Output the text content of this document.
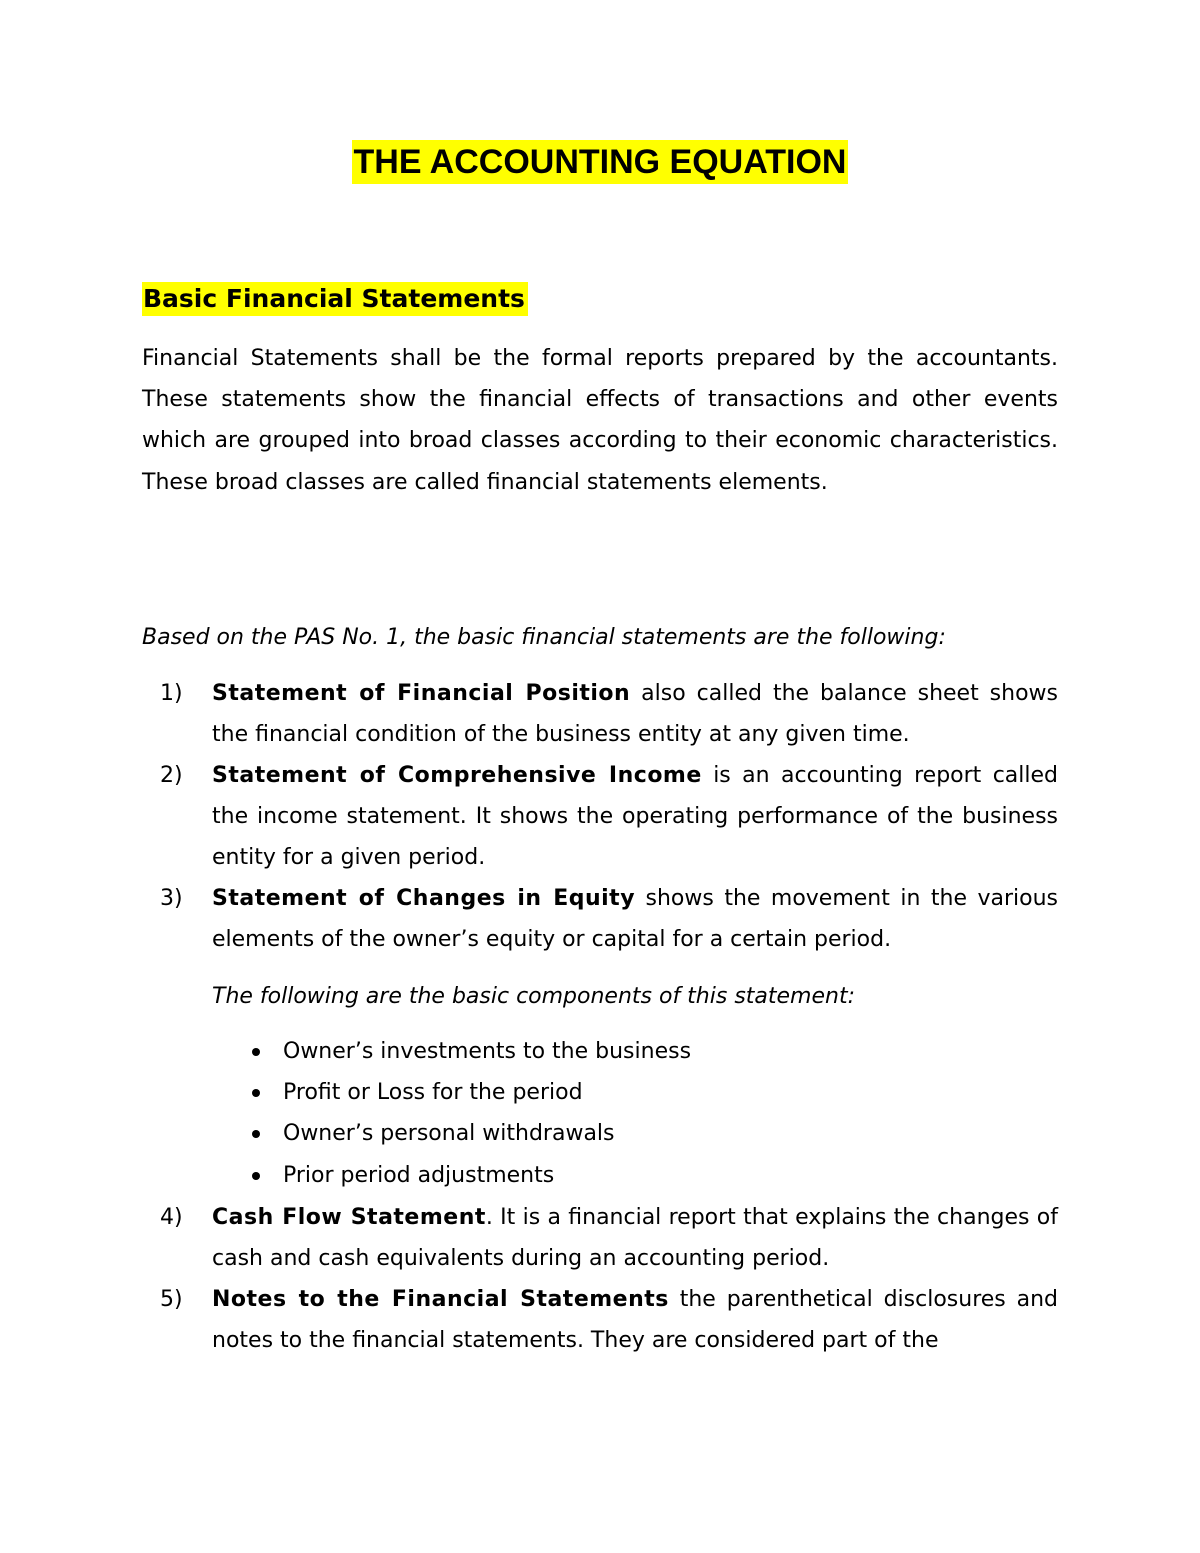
THE ACCOUNTING EQUATION
Basic Financial Statements
Financial Statements shall be the formal reports prepared by the accountants. These statements show the financial effects of transactions and other events which are grouped into broad classes according to their economic characteristics. These broad classes are called financial statements elements.
Based on the PAS No. 1, the basic financial statements are the following:
1) Statement of Financial Position also called the balance sheet shows the financial condition of the business entity at any given time.
2) Statement of Comprehensive Income is an accounting report called the income statement. It shows the operating performance of the business entity for a given period.
3) Statement of Changes in Equity shows the movement in the various elements of the owner’s equity or capital for a certain period.
The following are the basic components of this statement:
Owner’s investments to the business
Profit or Loss for the period
Owner’s personal withdrawals
Prior period adjustments
4) Cash Flow Statement. It is a financial report that explains the changes of cash and cash equivalents during an accounting period.
5) Notes to the Financial Statements the parenthetical disclosures and notes to the financial statements. They are considered part of the
